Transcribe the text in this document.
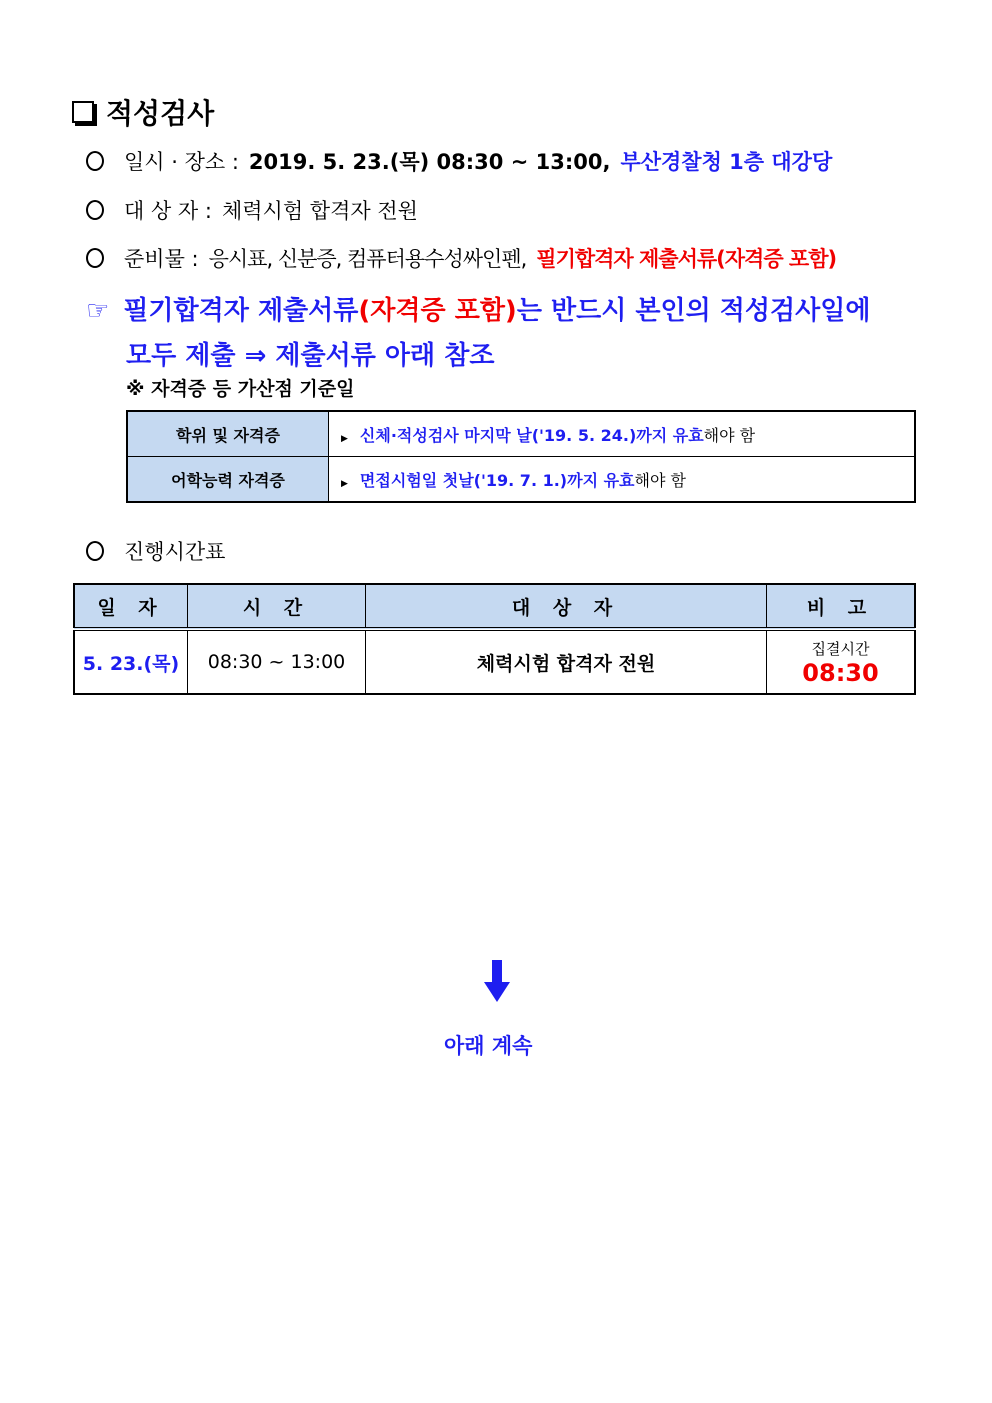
적성검사
일시 · 장소 : 2019. 5. 23.(목) 08:30 ~ 13:00, 부산경찰청 1층 대강당
대 상 자 : 체력시험 합격자 전원
준비물 : 응시표, 신분증, 컴퓨터용수성싸인펜, 필기합격자 제출서류(자격증 포함)
☞ 필기합격자 제출서류(자격증 포함)는 반드시 본인의 적성검사일에
모두 제출 ⇒ 제출서류 아래 참조
※ 자격증 등 가산점 기준일
학위 및 자격증	▶ 신체·적성검사 마지막 날('19. 5. 24.)까지 유효해야 함
어학능력 자격증	▶ 면접시험일 첫날('19. 7. 1.)까지 유효해야 함
진행시간표
일 자	시 간	대 상 자	비 고
5. 23.(목)	08:30 ~ 13:00	체력시험 합격자 전원	집결시간
08:30
아래 계속
